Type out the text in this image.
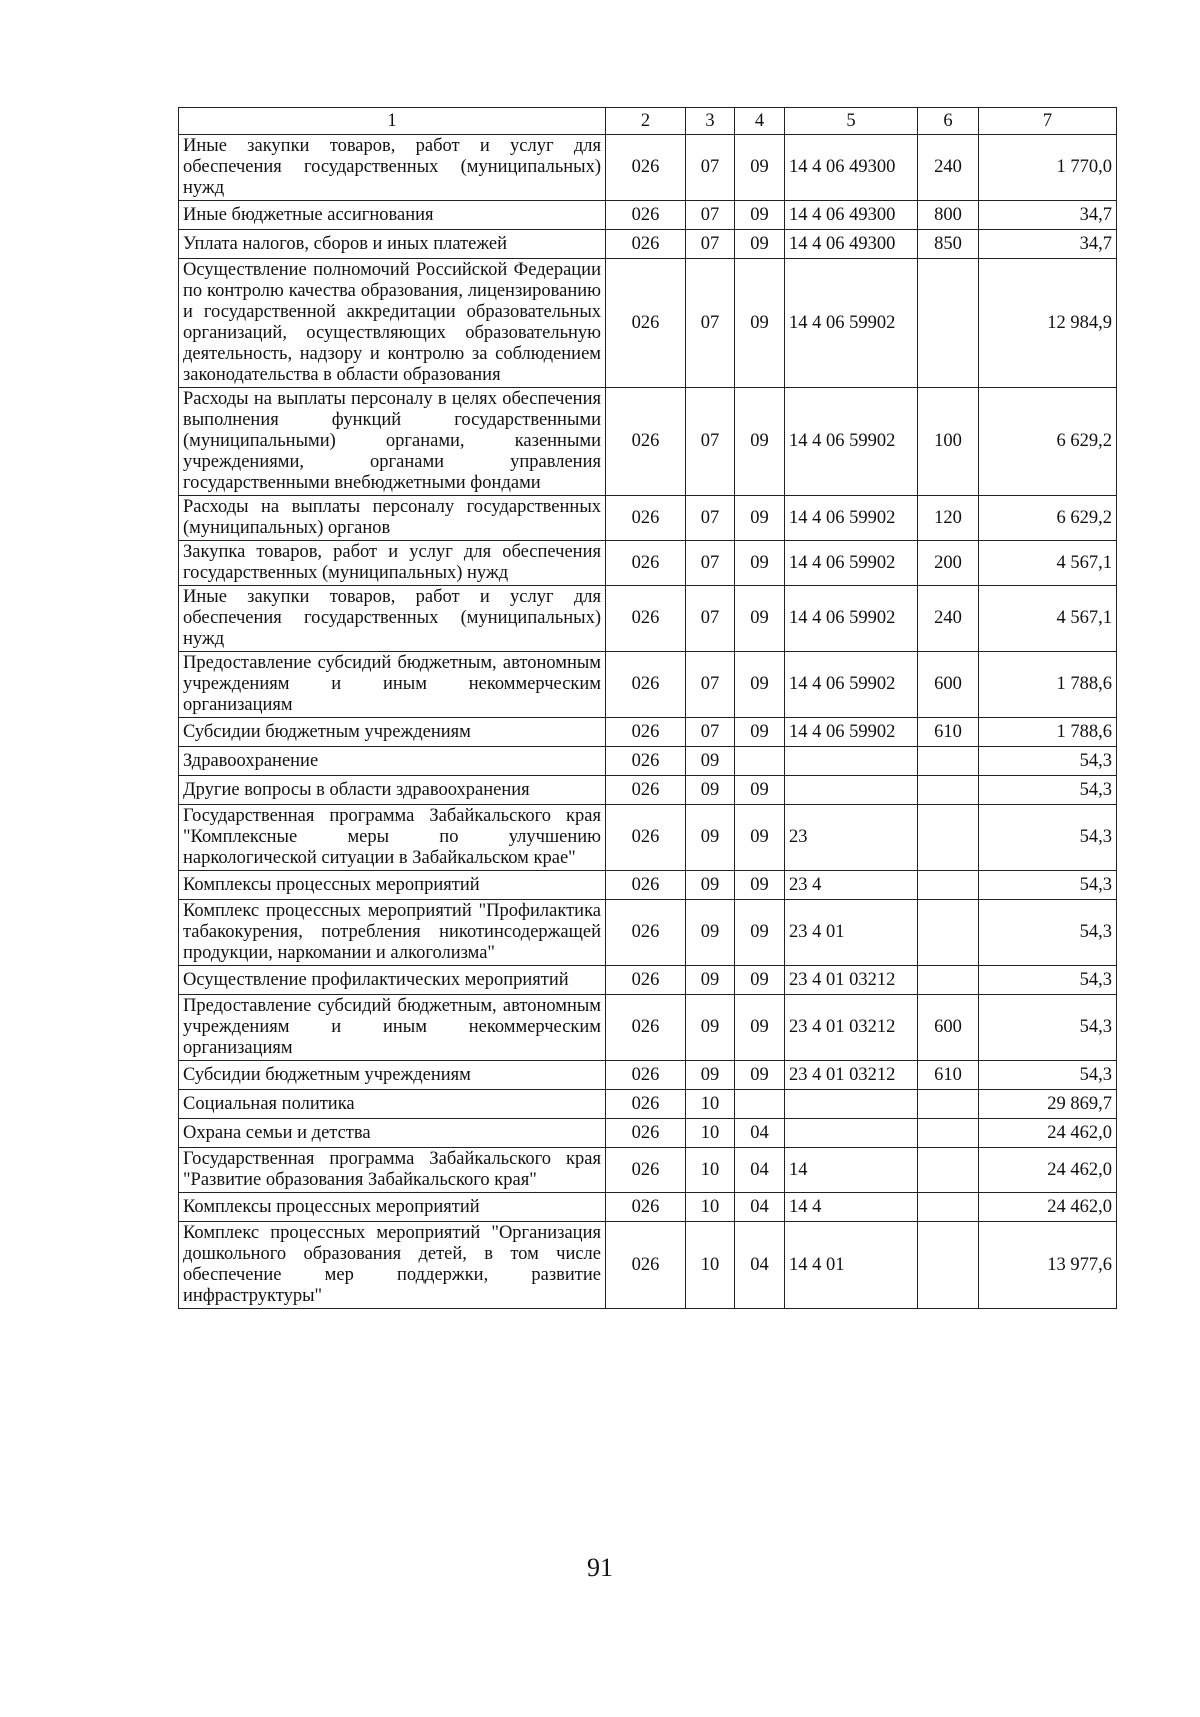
1	2	3	4	5	6	7
Иные закупки товаров, работ и услуг для обеспечения государственных (муниципальных) нужд	026	07	09	14 4 06 49300	240	1 770,0
Иные бюджетные ассигнования	026	07	09	14 4 06 49300	800	34,7
Уплата налогов, сборов и иных платежей	026	07	09	14 4 06 49300	850	34,7
Осуществление полномочий Российской Федерации по контролю качества образования, лицензированию и государственной аккредитации образовательных организаций, осуществляющих образовательную деятельность, надзору и контролю за соблюдением законодательства в области образования	026	07	09	14 4 06 59902		12 984,9
Расходы на выплаты персоналу в целях обеспечения выполнения функций государственными (муниципальными) органами, казенными учреждениями, органами управления государственными внебюджетными фондами	026	07	09	14 4 06 59902	100	6 629,2
Расходы на выплаты персоналу государственных (муниципальных) органов	026	07	09	14 4 06 59902	120	6 629,2
Закупка товаров, работ и услуг для обеспечения государственных (муниципальных) нужд	026	07	09	14 4 06 59902	200	4 567,1
Иные закупки товаров, работ и услуг для обеспечения государственных (муниципальных) нужд	026	07	09	14 4 06 59902	240	4 567,1
Предоставление субсидий бюджетным, автономным учреждениям и иным некоммерческим организациям	026	07	09	14 4 06 59902	600	1 788,6
Субсидии бюджетным учреждениям	026	07	09	14 4 06 59902	610	1 788,6
Здравоохранение	026	09				54,3
Другие вопросы в области здравоохранения	026	09	09			54,3
Государственная программа Забайкальского края "Комплексные меры по улучшению наркологической ситуации в Забайкальском крае"	026	09	09	23		54,3
Комплексы процессных мероприятий	026	09	09	23 4		54,3
Комплекс процессных мероприятий "Профилактика табакокурения, потребления никотинсодержащей продукции, наркомании и алкоголизма"	026	09	09	23 4 01		54,3
Осуществление профилактических мероприятий	026	09	09	23 4 01 03212		54,3
Предоставление субсидий бюджетным, автономным учреждениям и иным некоммерческим организациям	026	09	09	23 4 01 03212	600	54,3
Субсидии бюджетным учреждениям	026	09	09	23 4 01 03212	610	54,3
Социальная политика	026	10				29 869,7
Охрана семьи и детства	026	10	04			24 462,0
Государственная программа Забайкальского края "Развитие образования Забайкальского края"	026	10	04	14		24 462,0
Комплексы процессных мероприятий	026	10	04	14 4		24 462,0
Комплекс процессных мероприятий "Организация дошкольного образования детей, в том числе обеспечение мер поддержки, развитие инфраструктуры"	026	10	04	14 4 01		13 977,6
91
